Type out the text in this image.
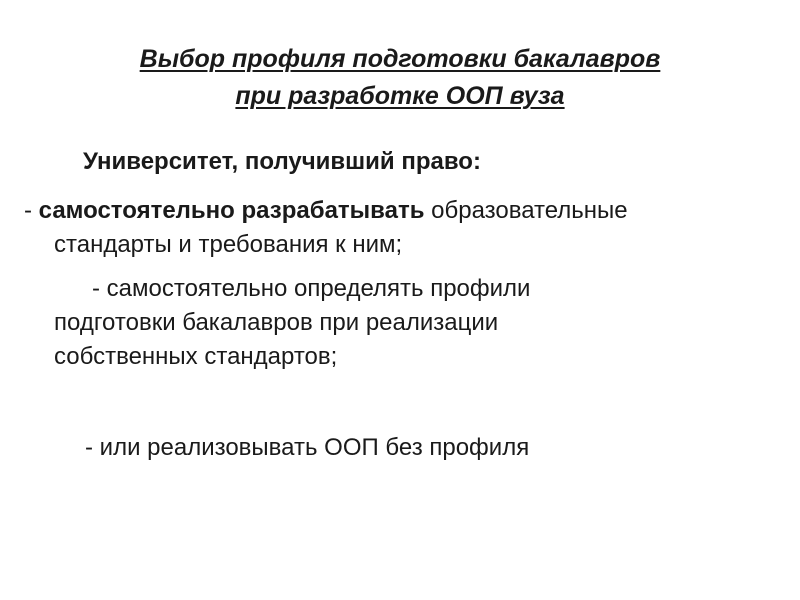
Выбор профиля подготовки бакалавров
при разработке ООП вуза
Университет, получивший право:
- самостоятельно разрабатывать образовательные
стандарты и требования к ним;
- самостоятельно определять профили
подготовки бакалавров при реализации
собственных стандартов;
- или реализовывать ООП без профиля
